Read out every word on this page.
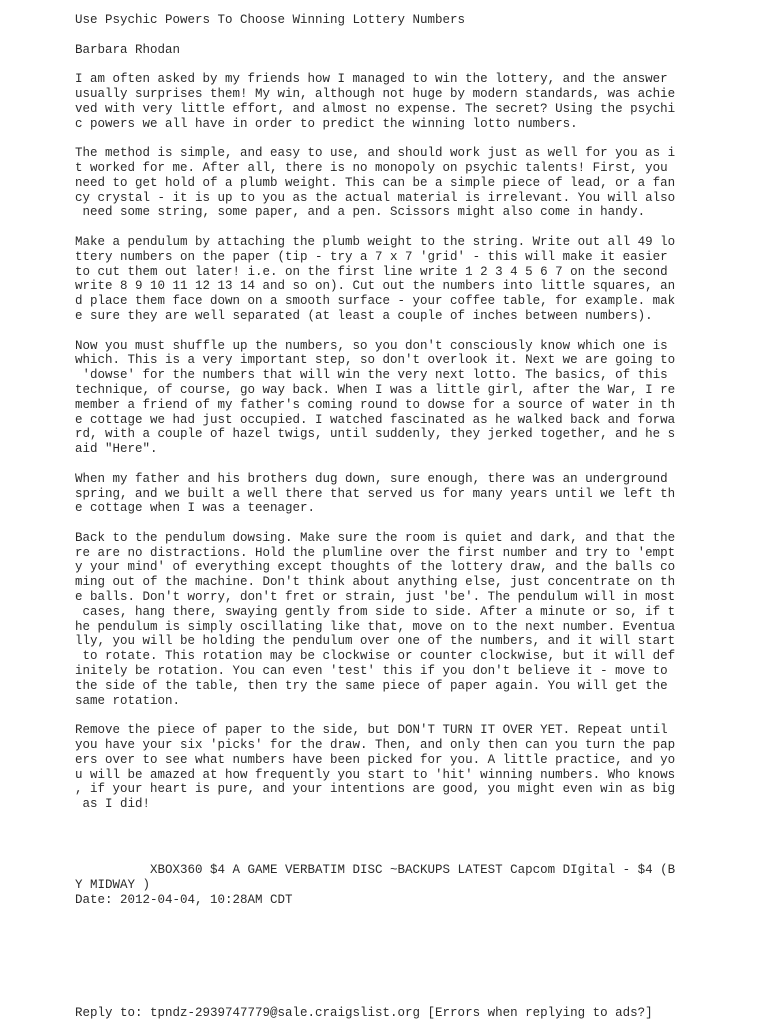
Use Psychic Powers To Choose Winning Lottery Numbers
Barbara Rhodan
I am often asked by my friends how I managed to win the lottery, and the answer
usually surprises them! My win, although not huge by modern standards, was achie
ved with very little effort, and almost no expense. The secret? Using the psychi
c powers we all have in order to predict the winning lotto numbers.
The method is simple, and easy to use, and should work just as well for you as i
t worked for me. After all, there is no monopoly on psychic talents! First, you
need to get hold of a plumb weight. This can be a simple piece of lead, or a fan
cy crystal - it is up to you as the actual material is irrelevant. You will also
need some string, some paper, and a pen. Scissors might also come in handy.
Make a pendulum by attaching the plumb weight to the string. Write out all 49 lo
ttery numbers on the paper (tip - try a 7 x 7 'grid' - this will make it easier
to cut them out later! i.e. on the first line write 1 2 3 4 5 6 7 on the second
write 8 9 10 11 12 13 14 and so on). Cut out the numbers into little squares, an
d place them face down on a smooth surface - your coffee table, for example. mak
e sure they are well separated (at least a couple of inches between numbers).
Now you must shuffle up the numbers, so you don't consciously know which one is
which. This is a very important step, so don't overlook it. Next we are going to
'dowse' for the numbers that will win the very next lotto. The basics, of this
technique, of course, go way back. When I was a little girl, after the War, I re
member a friend of my father's coming round to dowse for a source of water in th
e cottage we had just occupied. I watched fascinated as he walked back and forwa
rd, with a couple of hazel twigs, until suddenly, they jerked together, and he s
aid "Here".
When my father and his brothers dug down, sure enough, there was an underground
spring, and we built a well there that served us for many years until we left th
e cottage when I was a teenager.
Back to the pendulum dowsing. Make sure the room is quiet and dark, and that the
re are no distractions. Hold the plumline over the first number and try to 'empt
y your mind' of everything except thoughts of the lottery draw, and the balls co
ming out of the machine. Don't think about anything else, just concentrate on th
e balls. Don't worry, don't fret or strain, just 'be'. The pendulum will in most
cases, hang there, swaying gently from side to side. After a minute or so, if t
he pendulum is simply oscillating like that, move on to the next number. Eventua
lly, you will be holding the pendulum over one of the numbers, and it will start
to rotate. This rotation may be clockwise or counter clockwise, but it will def
initely be rotation. You can even 'test' this if you don't believe it - move to
the side of the table, then try the same piece of paper again. You will get the
same rotation.
Remove the piece of paper to the side, but DON'T TURN IT OVER YET. Repeat until
you have your six 'picks' for the draw. Then, and only then can you turn the pap
ers over to see what numbers have been picked for you. A little practice, and yo
u will be amazed at how frequently you start to 'hit' winning numbers. Who knows
, if your heart is pure, and your intentions are good, you might even win as big
as I did!
XBOX360 $4 A GAME VERBATIM DISC ~BACKUPS LATEST Capcom DIgital - $4 (B
Y MIDWAY )
Date: 2012-04-04, 10:28AM CDT
Reply to: tpndz-2939747779@sale.craigslist.org [Errors when replying to ads?]
